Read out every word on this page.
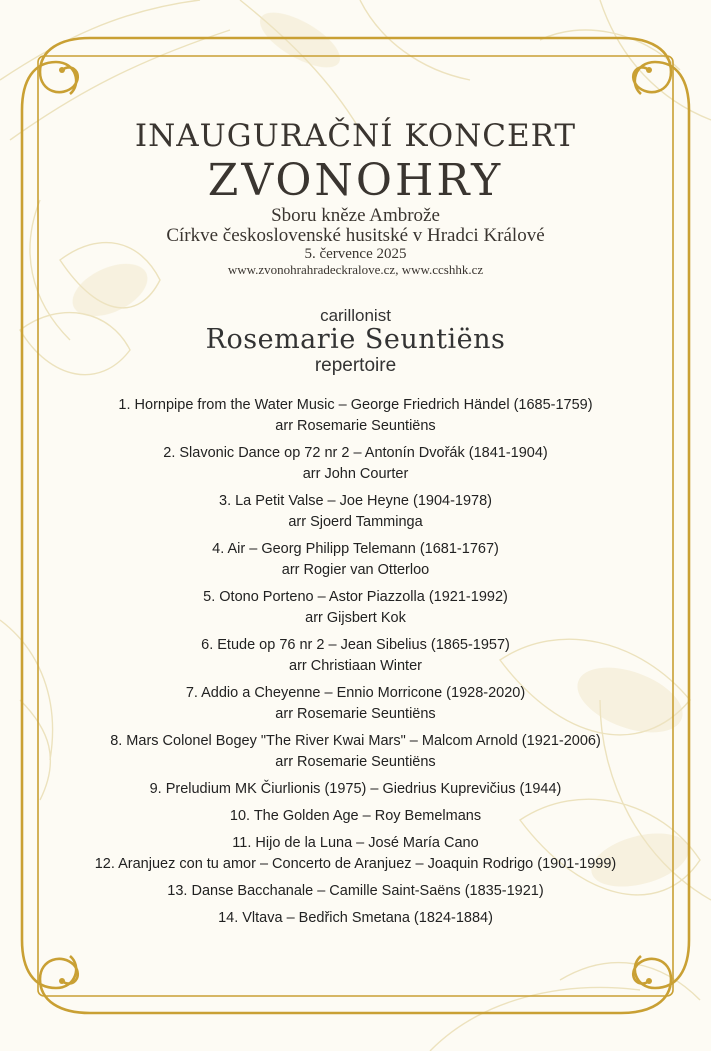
INAUGURAČNÍ KONCERT
ZVONOHRY
Sboru kněze Ambrože
Církve československé husitské v Hradci Králové
5. července 2025
www.zvonohrahradeckralove.cz, www.ccshhk.cz
carillonist
Rosemarie Seuntiëns
repertoire
1. Hornpipe from the Water Music – George Friedrich Händel (1685-1759)
arr Rosemarie Seuntiëns
2. Slavonic Dance op 72 nr 2 – Antonín Dvořák (1841-1904)
arr John Courter
3. La Petit Valse – Joe Heyne (1904-1978)
arr Sjoerd Tamminga
4. Air – Georg Philipp Telemann (1681-1767)
arr Rogier van Otterloo
5. Otono Porteno – Astor Piazzolla (1921-1992)
arr Gijsbert Kok
6. Etude op 76 nr 2 – Jean Sibelius (1865-1957)
arr Christiaan Winter
7. Addio a Cheyenne – Ennio Morricone (1928-2020)
arr Rosemarie Seuntiëns
8. Mars Colonel Bogey "The River Kwai Mars" – Malcom Arnold (1921-2006)
arr Rosemarie Seuntiëns
9. Preludium MK Čiurlionis (1975) – Giedrius Kuprevičius (1944)
10. The Golden Age – Roy Bemelmans
11. Hijo de la Luna – José María Cano
12. Aranjuez con tu amor – Concerto de Aranjuez – Joaquin Rodrigo (1901-1999)
13. Danse Bacchanale – Camille Saint-Saëns (1835-1921)
14. Vltava – Bedřich Smetana (1824-1884)
